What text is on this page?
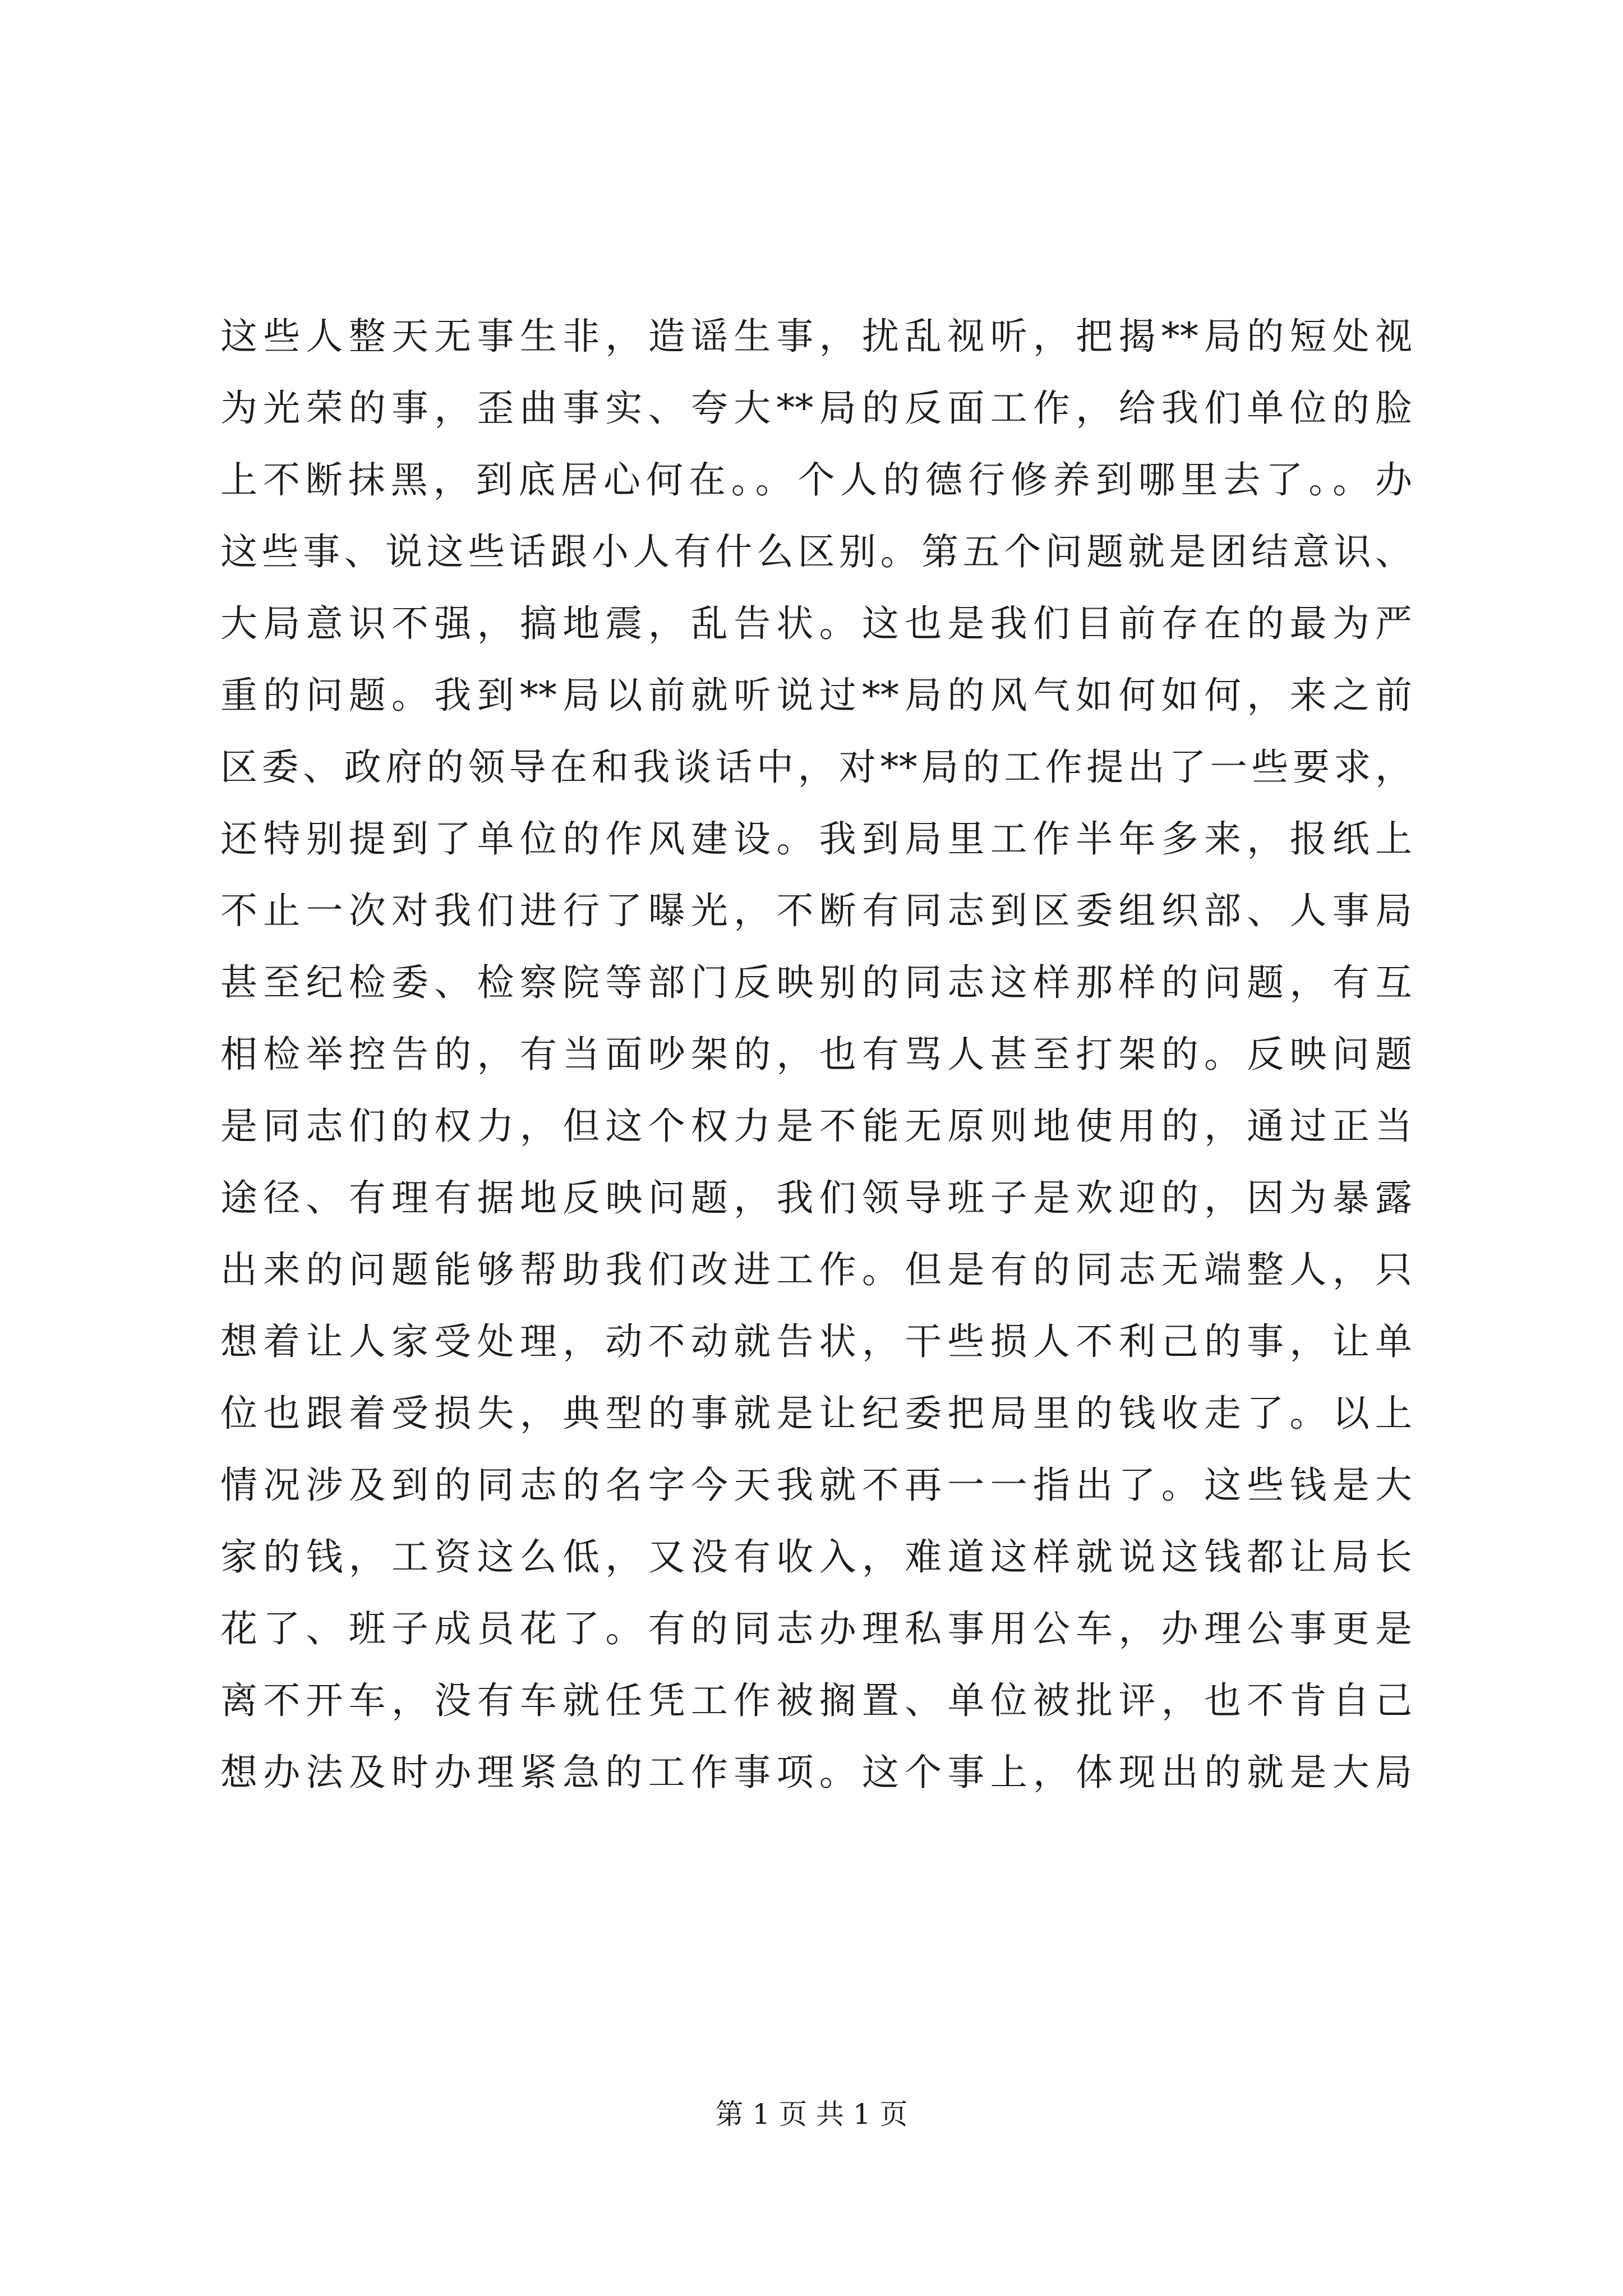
这些人整天无事生非，造谣生事，扰乱视听，把揭**局的短处视
为光荣的事，歪曲事实、夸大**局的反面工作，给我们单位的脸
上不断抹黑，到底居心何在。。个人的德行修养到哪里去了。。办
这些事、说这些话跟小人有什么区别。第五个问题就是团结意识、
大局意识不强，搞地震，乱告状。这也是我们目前存在的最为严
重的问题。我到**局以前就听说过**局的风气如何如何，来之前
区委、政府的领导在和我谈话中，对**局的工作提出了一些要求，
还特别提到了单位的作风建设。我到局里工作半年多来，报纸上
不止一次对我们进行了曝光，不断有同志到区委组织部、人事局
甚至纪检委、检察院等部门反映别的同志这样那样的问题，有互
相检举控告的，有当面吵架的，也有骂人甚至打架的。反映问题
是同志们的权力，但这个权力是不能无原则地使用的，通过正当
途径、有理有据地反映问题，我们领导班子是欢迎的，因为暴露
出来的问题能够帮助我们改进工作。但是有的同志无端整人，只
想着让人家受处理，动不动就告状，干些损人不利己的事，让单
位也跟着受损失，典型的事就是让纪委把局里的钱收走了。以上
情况涉及到的同志的名字今天我就不再一一指出了。这些钱是大
家的钱，工资这么低，又没有收入，难道这样就说这钱都让局长
花了、班子成员花了。有的同志办理私事用公车，办理公事更是
离不开车，没有车就任凭工作被搁置、单位被批评，也不肯自己
想办法及时办理紧急的工作事项。这个事上，体现出的就是大局
第 1 页 共 1 页
